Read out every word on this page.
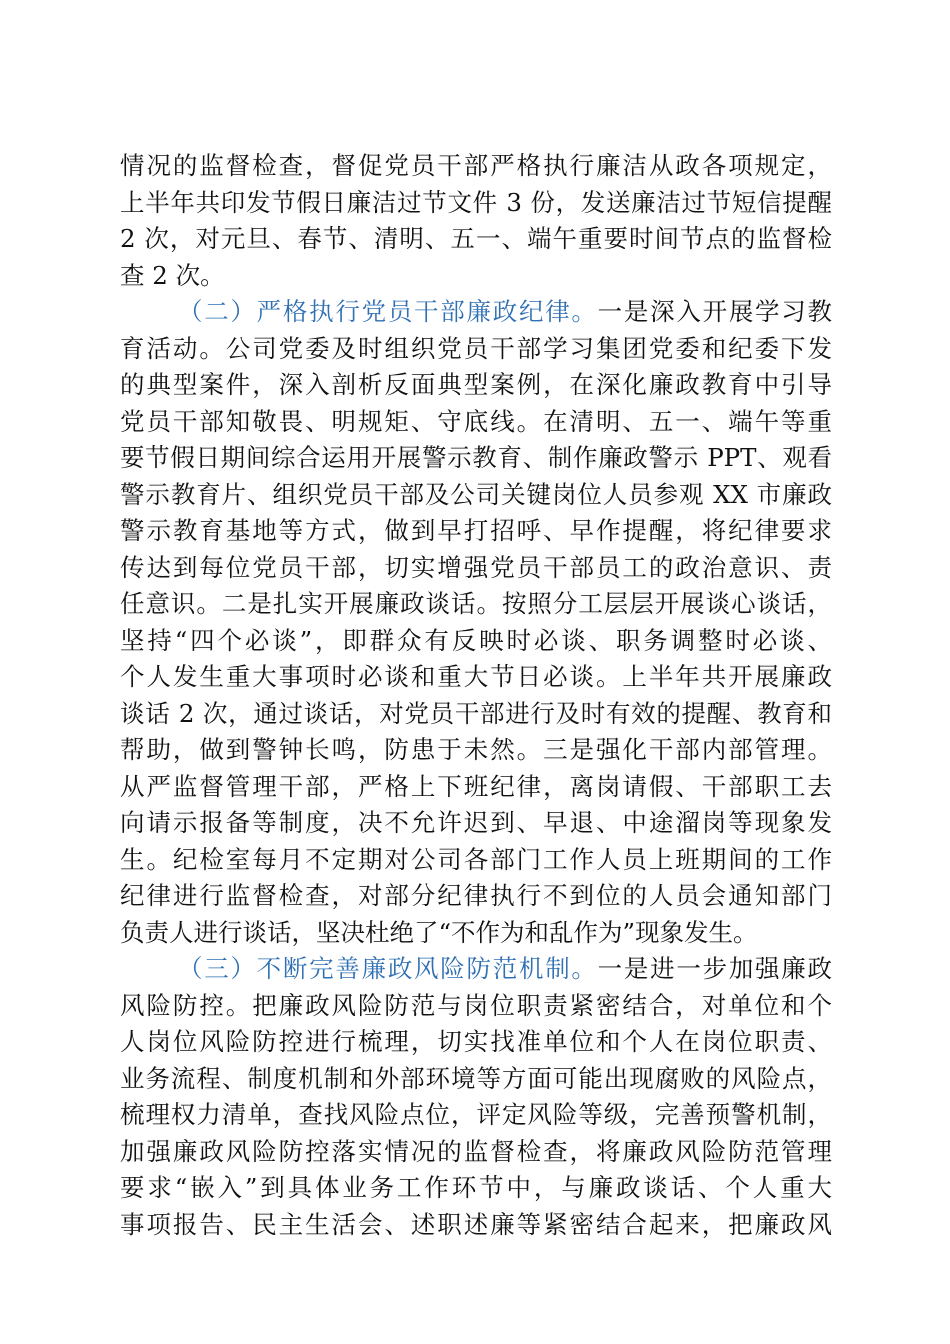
情况的监督检查，督促党员干部严格执行廉洁从政各项规定，
上半年共印发节假日廉洁过节文件 3 份，发送廉洁过节短信提醒
2 次，对元旦、春节、清明、五一、端午重要时间节点的监督检
查 2 次。
（二）严格执行党员干部廉政纪律。一是深入开展学习教
育活动。公司党委及时组织党员干部学习集团党委和纪委下发
的典型案件，深入剖析反面典型案例，在深化廉政教育中引导
党员干部知敬畏、明规矩、守底线。在清明、五一、端午等重
要节假日期间综合运用开展警示教育、制作廉政警示 PPT、观看
警示教育片、组织党员干部及公司关键岗位人员参观 XX 市廉政
警示教育基地等方式，做到早打招呼、早作提醒，将纪律要求
传达到每位党员干部，切实增强党员干部员工的政治意识、责
任意识。二是扎实开展廉政谈话。按照分工层层开展谈心谈话，
坚持“四个必谈”，即群众有反映时必谈、职务调整时必谈、
个人发生重大事项时必谈和重大节日必谈。上半年共开展廉政
谈话 2 次，通过谈话，对党员干部进行及时有效的提醒、教育和
帮助，做到警钟长鸣，防患于未然。三是强化干部内部管理。
从严监督管理干部，严格上下班纪律，离岗请假、干部职工去
向请示报备等制度，决不允许迟到、早退、中途溜岗等现象发
生。纪检室每月不定期对公司各部门工作人员上班期间的工作
纪律进行监督检查，对部分纪律执行不到位的人员会通知部门
负责人进行谈话，坚决杜绝了“不作为和乱作为”现象发生。
（三）不断完善廉政风险防范机制。一是进一步加强廉政
风险防控。把廉政风险防范与岗位职责紧密结合，对单位和个
人岗位风险防控进行梳理，切实找准单位和个人在岗位职责、
业务流程、制度机制和外部环境等方面可能出现腐败的风险点，
梳理权力清单，查找风险点位，评定风险等级，完善预警机制，
加强廉政风险防控落实情况的监督检查，将廉政风险防范管理
要求“嵌入”到具体业务工作环节中，与廉政谈话、个人重大
事项报告、民主生活会、述职述廉等紧密结合起来，把廉政风
